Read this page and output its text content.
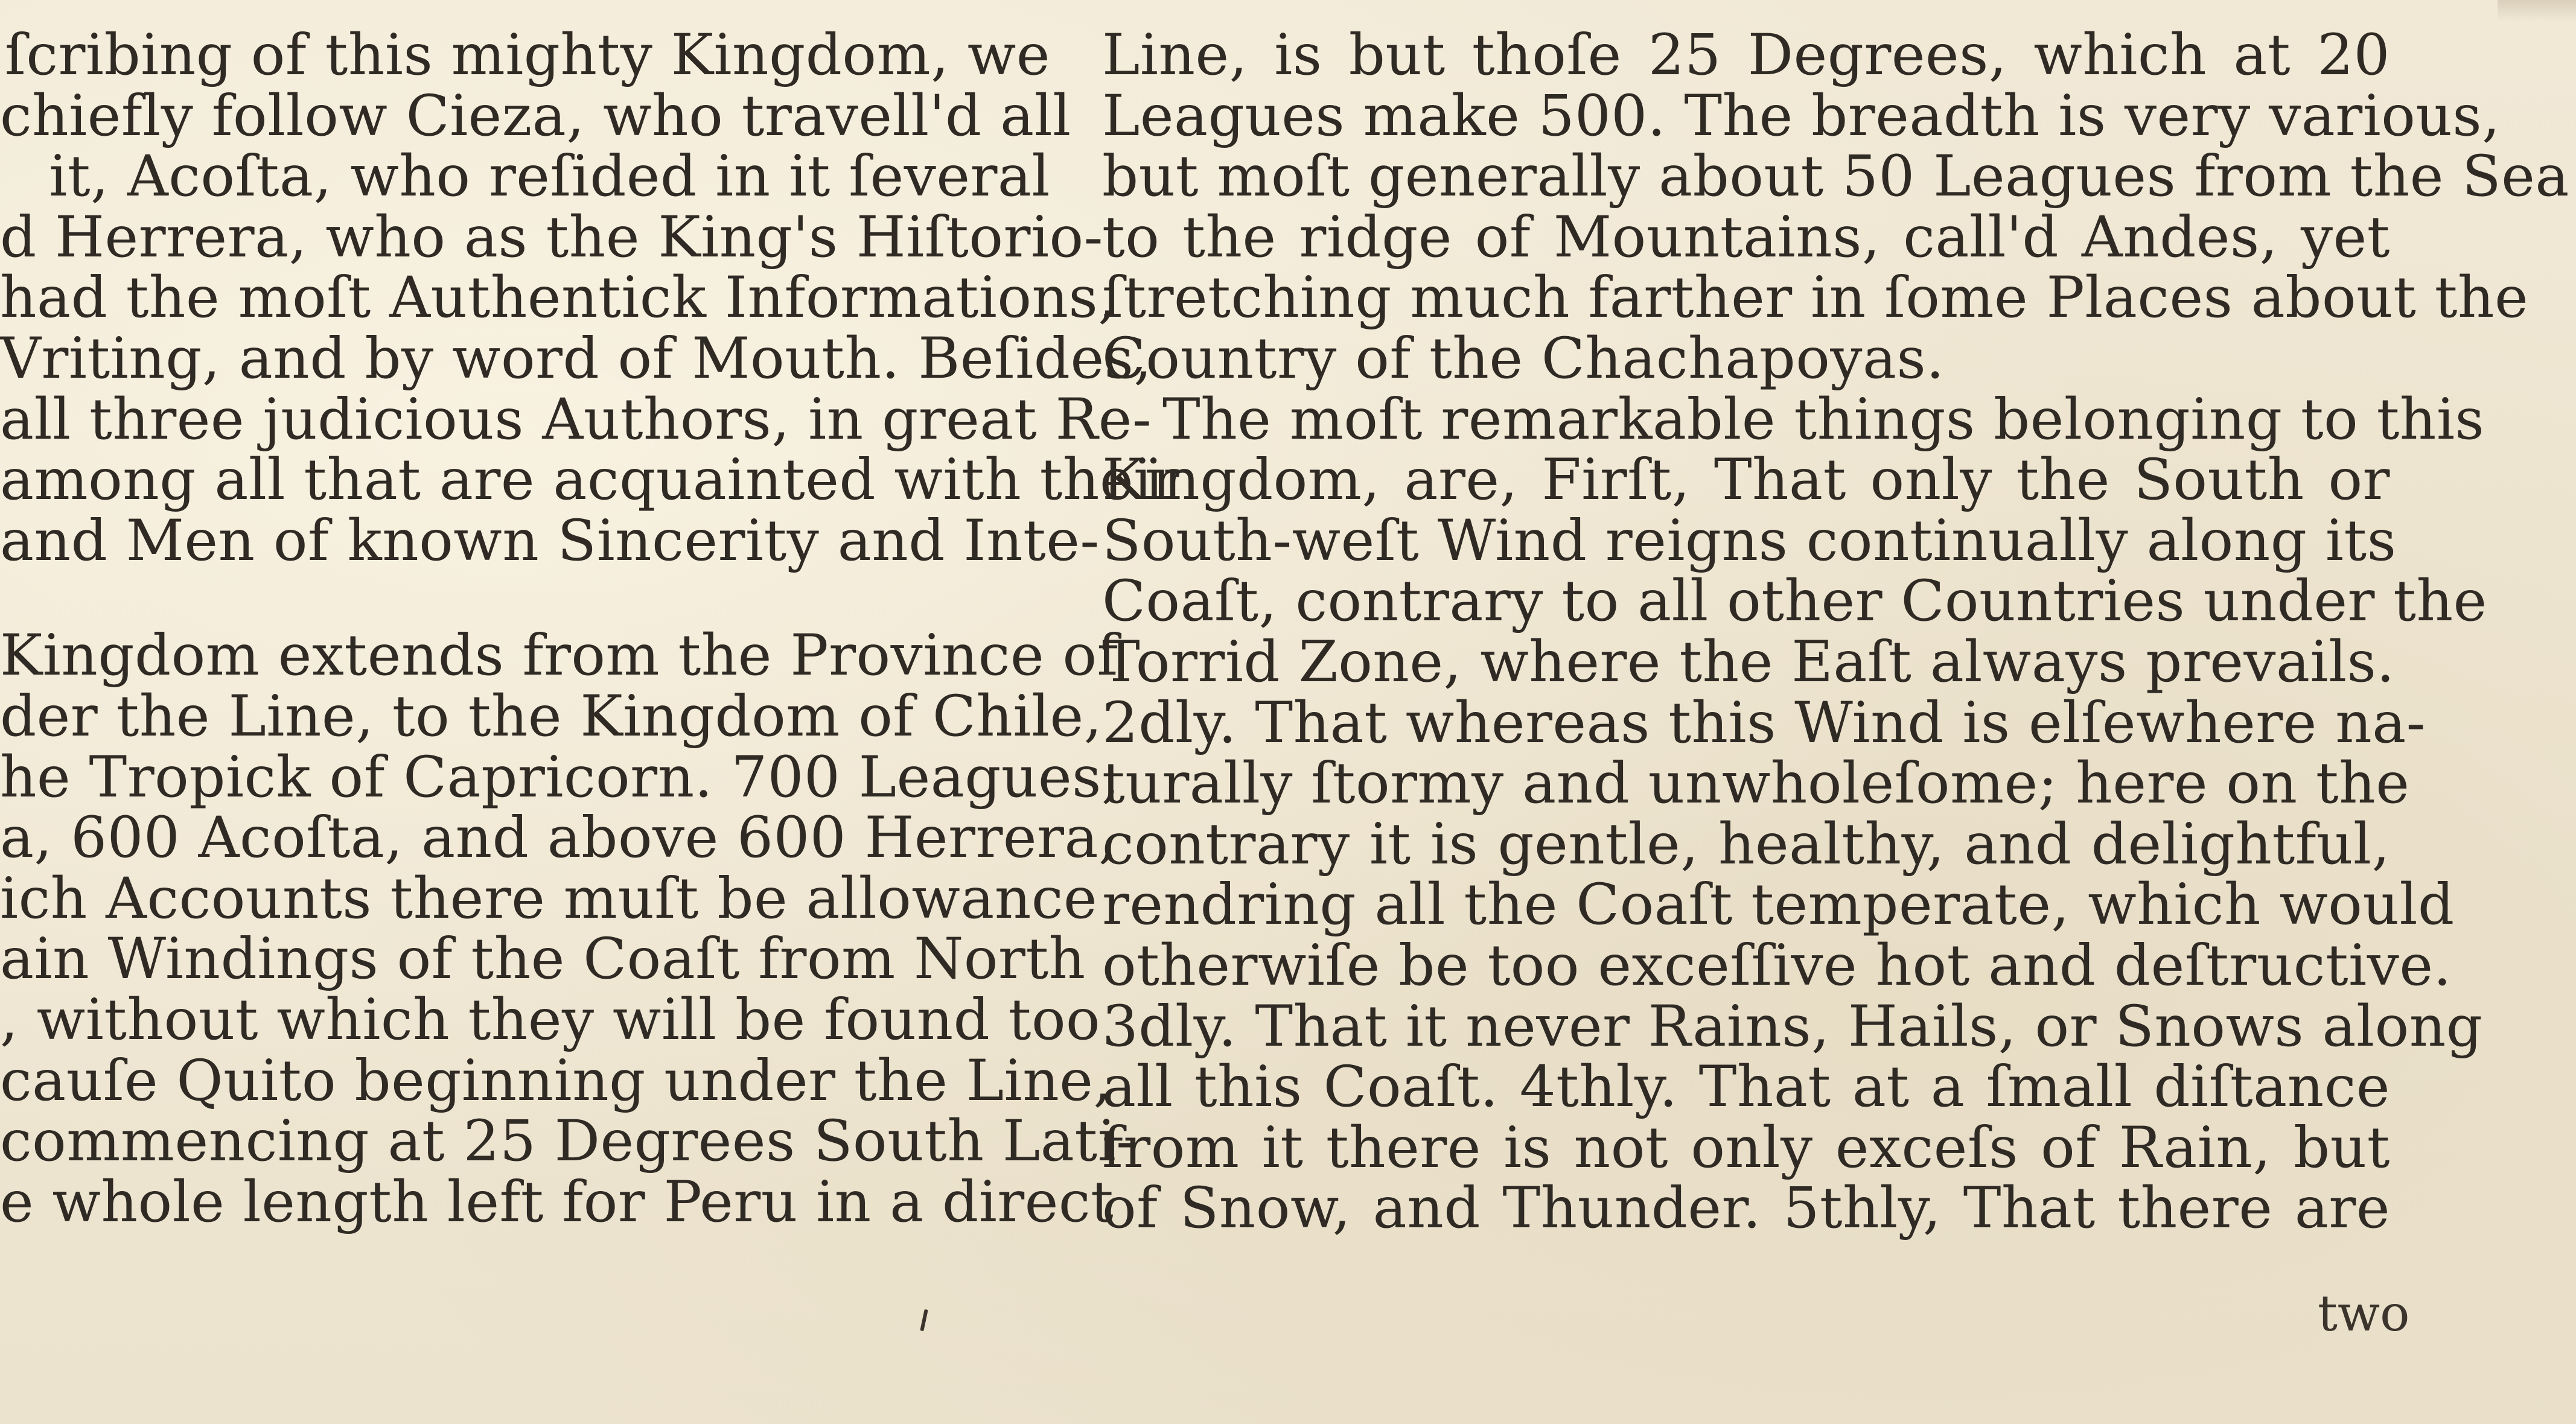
ſcribing of this mighty Kingdom, we
chiefly follow Cieza, who travell'd all
it, Acoſta, who reſided in it ſeveral
d Herrera, who as the King's Hiſtorio-
had the moſt Authentick Informations,
Vriting, and by word of Mouth. Beſides,
all three judicious Authors, in great Re-
among all that are acquainted with their
and Men of known Sincerity and Inte-
Kingdom extends from the Province of
der the Line, to the Kingdom of Chile,
he Tropick of Capricorn. 700 Leagues,
a, 600 Acoſta, and above 600 Herrera,
ich Accounts there muſt be allowance
ain Windings of the Coaſt from North
, without which they will be found too
cauſe Quito beginning under the Line,
commencing at 25 Degrees South Lati-
e whole length left for Peru in a direct
Line, is but thoſe 25 Degrees, which at 20
Leagues make 500. The breadth is very various,
but moſt generally about 50 Leagues from the Sea
to the ridge of Mountains, call'd Andes, yet
ſtretching much farther in ſome Places about the
Country of the Chachapoyas.
The moſt remarkable things belonging to this
Kingdom, are, Firſt, That only the South or
South-weſt Wind reigns continually along its
Coaſt, contrary to all other Countries under the
Torrid Zone, where the Eaſt always prevails.
2dly. That whereas this Wind is elſewhere na-
turally ſtormy and unwholeſome; here on the
contrary it is gentle, healthy, and delightful,
rendring all the Coaſt temperate, which would
otherwiſe be too exceſſive hot and deſtructive.
3dly. That it never Rains, Hails, or Snows along
all this Coaſt. 4thly. That at a ſmall diſtance
from it there is not only exceſs of Rain, but
of Snow, and Thunder. 5thly, That there are
two
